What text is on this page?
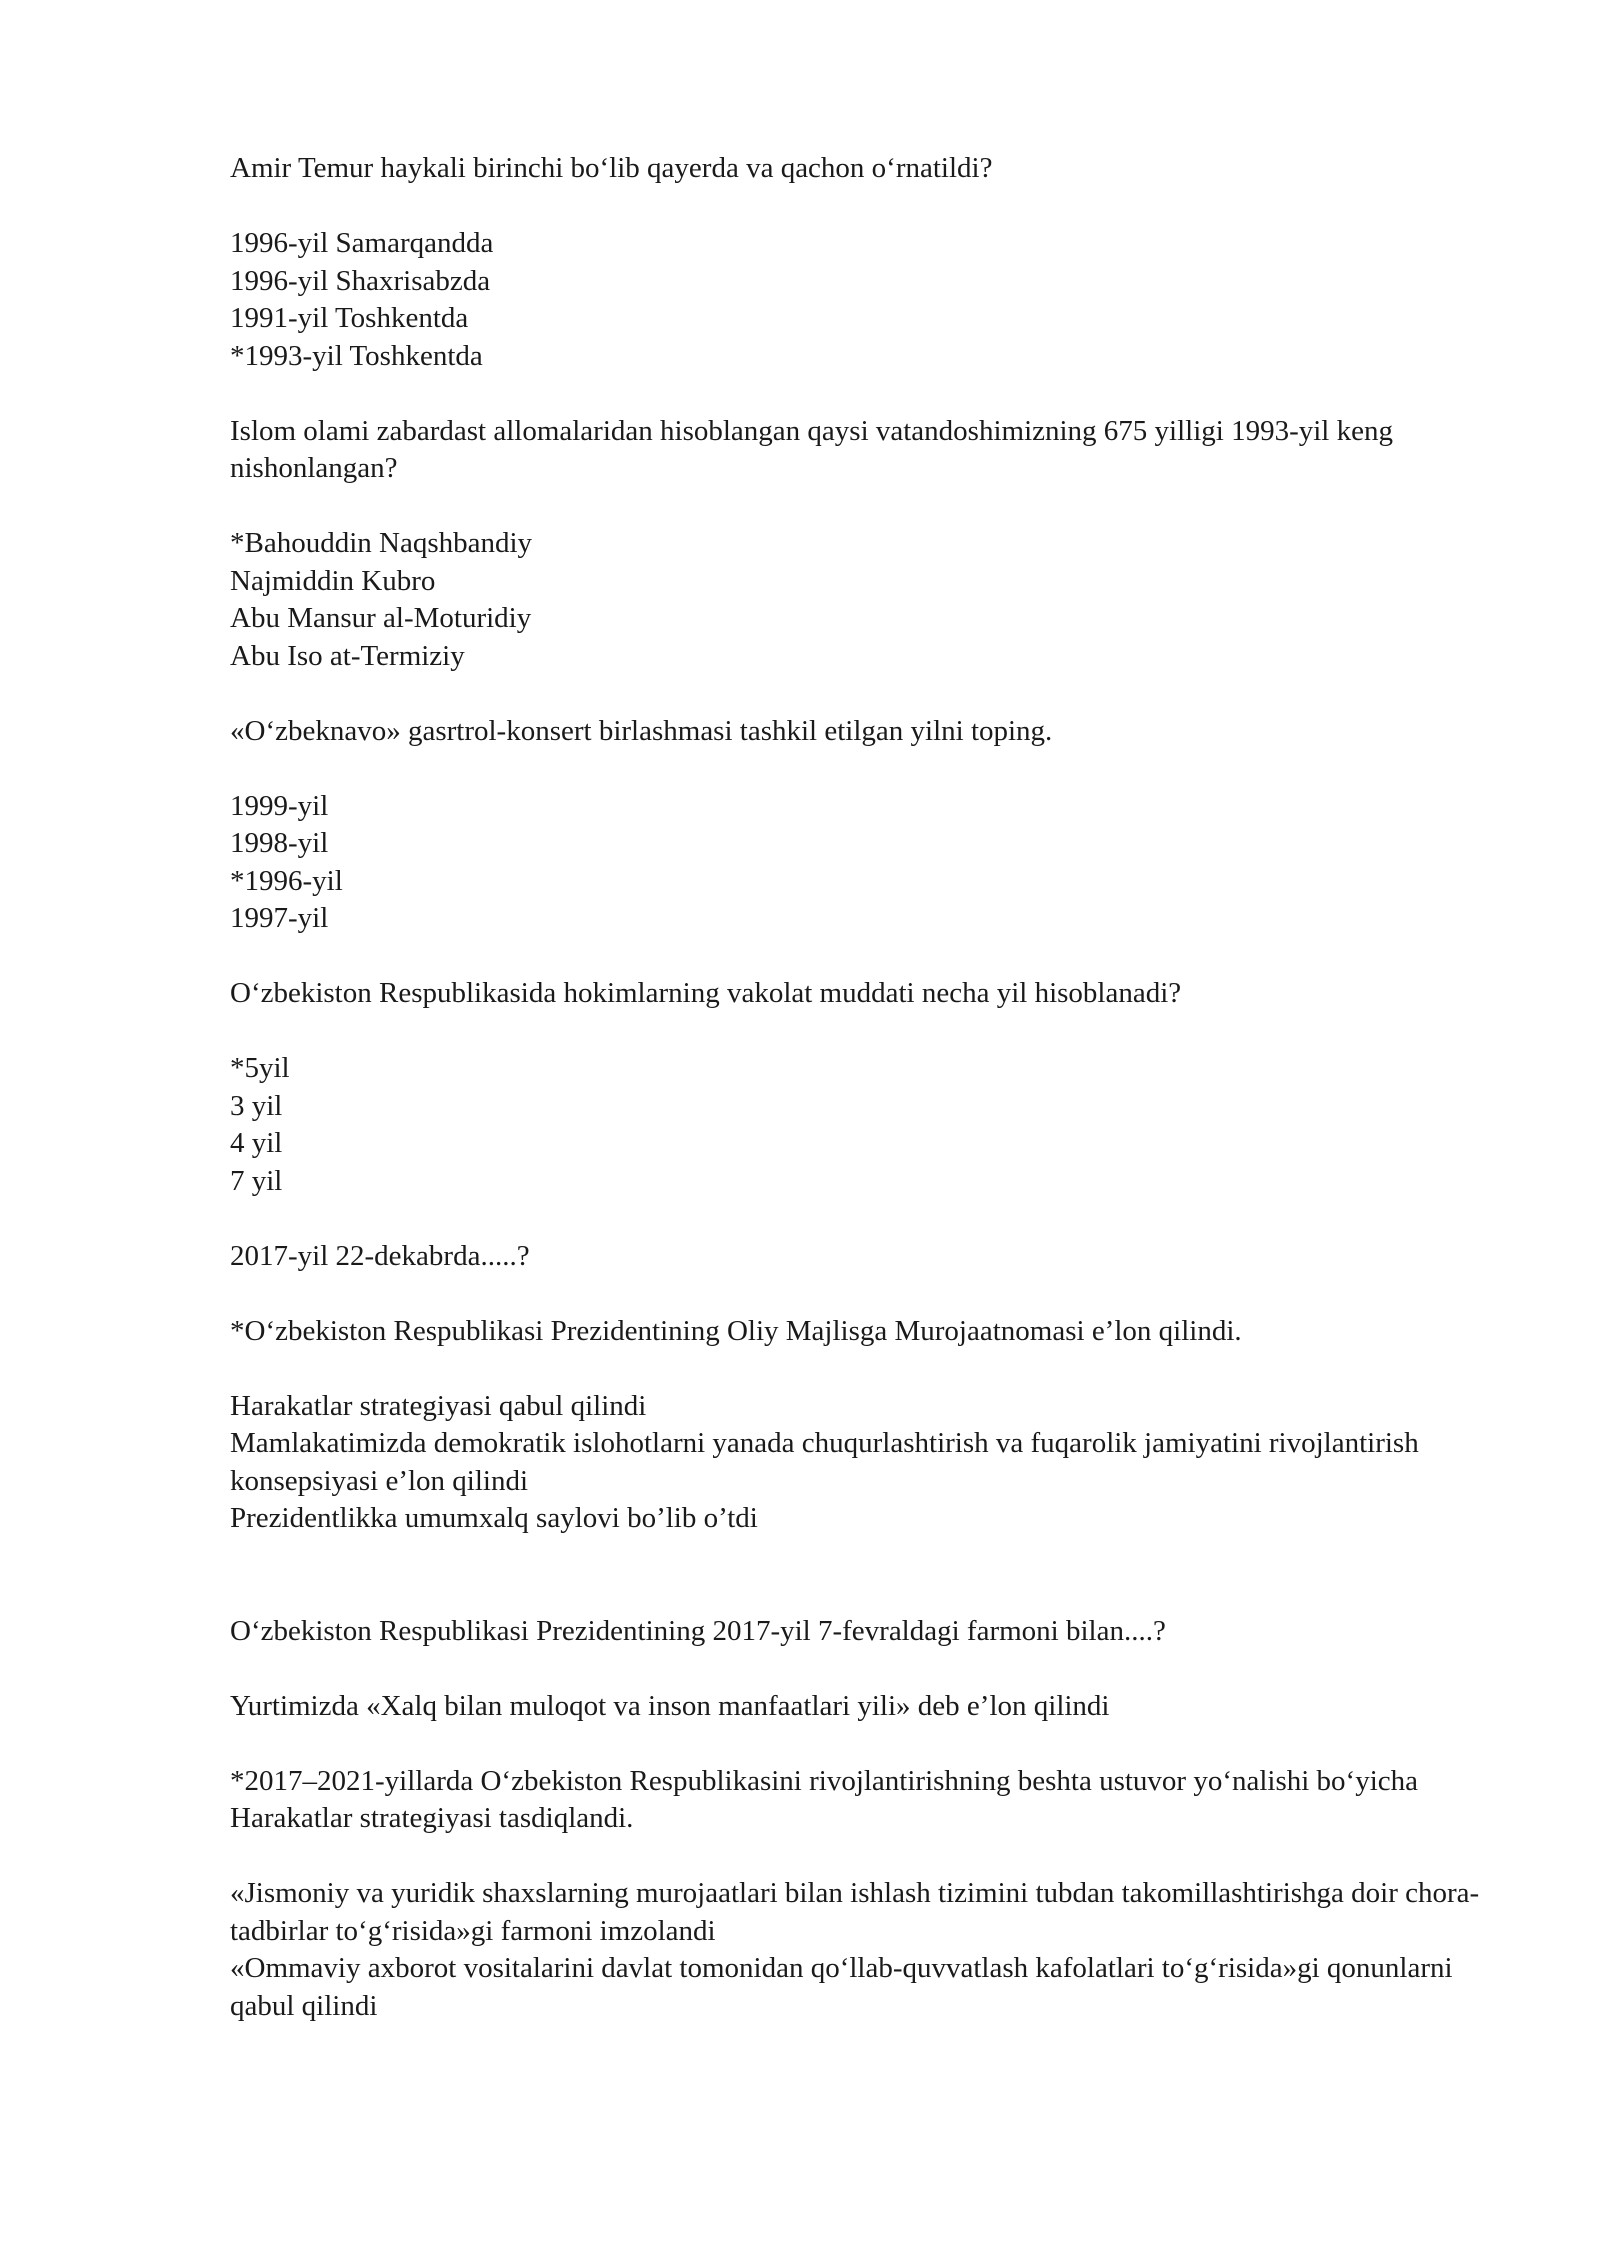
Amir Temur haykali birinchi bo‘lib qayerda va qachon o‘rnatildi?
1996-yil Samarqandda
1996-yil Shaxrisabzda
1991-yil Toshkentda
*1993-yil Toshkentda
Islom olami zabardast allomalaridan hisoblangan qaysi vatandoshimizning 675 yilligi 1993-yil keng nishonlangan?
*Bahouddin Naqshbandiy
Najmiddin Kubro
Abu Mansur al-Moturidiy
Abu Iso at-Termiziy
«O‘zbeknavo» gasrtrol-konsert birlashmasi tashkil etilgan yilni toping.
1999-yil
1998-yil
*1996-yil
1997-yil
O‘zbekiston Respublikasida hokimlarning vakolat muddati necha yil hisoblanadi?
*5yil
3 yil
4 yil
7 yil
2017-yil 22-dekabrda.....?
*O‘zbekiston Respublikasi Prezidentining Oliy Majlisga Murojaatnomasi e’lon qilindi.
Harakatlar strategiyasi qabul qilindi
Mamlakatimizda demokratik islohotlarni yanada chuqurlashtirish va fuqarolik jamiyatini rivojlantirish konsepsiyasi e’lon qilindi
Prezidentlikka umumxalq saylovi bo’lib o’tdi
O‘zbekiston Respublikasi Prezidentining 2017-yil 7-fevraldagi farmoni bilan....?
Yurtimizda «Xalq bilan muloqot va inson manfaatlari yili» deb e’lon qilindi
*2017–2021-yillarda O‘zbekiston Respublikasini rivojlantirishning beshta ustuvor yo‘nalishi bo‘yicha Harakatlar strategiyasi tasdiqlandi.
«Jismoniy va yuridik shaxslarning murojaatlari bilan ishlash tizimini tubdan takomillashtirishga doir chora-tadbirlar to‘g‘risida»gi farmoni imzolandi
«Ommaviy axborot vositalarini davlat tomonidan qo‘llab-quvvatlash kafolatlari to‘g‘risida»gi qonunlarni qabul qilindi
